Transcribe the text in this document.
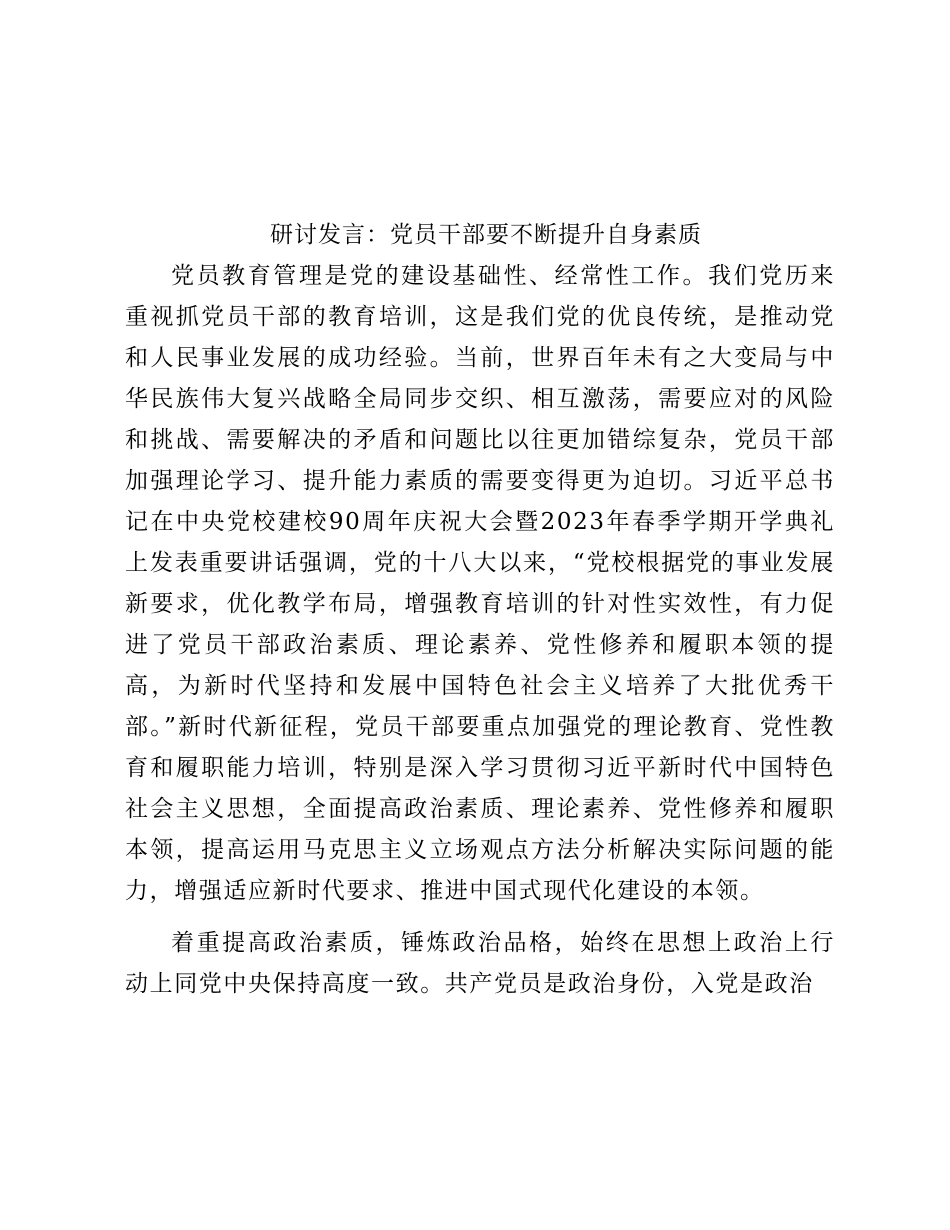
研讨发言：党员干部要不断提升自身素质

党员教育管理是党的建设基础性、经常性工作。我们党历来重视抓党员干部的教育培训，这是我们党的优良传统，是推动党和人民事业发展的成功经验。当前，世界百年未有之大变局与中华民族伟大复兴战略全局同步交织、相互激荡，需要应对的风险和挑战、需要解决的矛盾和问题比以往更加错综复杂，党员干部加强理论学习、提升能力素质的需要变得更为迫切。习近平总书记在中央党校建校90周年庆祝大会暨2023年春季学期开学典礼上发表重要讲话强调，党的十八大以来，“党校根据党的事业发展新要求，优化教学布局，增强教育培训的针对性实效性，有力促进了党员干部政治素质、理论素养、党性修养和履职本领的提高，为新时代坚持和发展中国特色社会主义培养了大批优秀干部。”新时代新征程，党员干部要重点加强党的理论教育、党性教育和履职能力培训，特别是深入学习贯彻习近平新时代中国特色社会主义思想，全面提高政治素质、理论素养、党性修养和履职本领，提高运用马克思主义立场观点方法分析解决实际问题的能力，增强适应新时代要求、推进中国式现代化建设的本领。

着重提高政治素质，锤炼政治品格，始终在思想上政治上行动上同党中央保持高度一致。共产党员是政治身份，入党是政治
